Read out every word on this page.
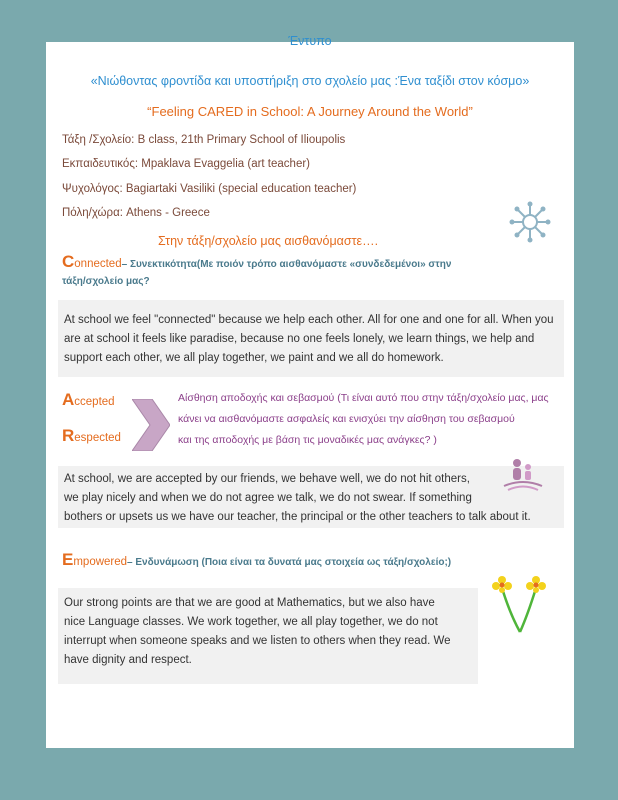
Έντυπο
«Νιώθοντας φροντίδα και υποστήριξη στο σχολείο μας :Ένα ταξίδι στον κόσμο»
“Feeling CARED in School: A Journey Around the World”
Τάξη /Σχολείο: B class, 21th Primary School of Ilioupolis
Εκπαιδευτικός: Mpaklava Evaggelia (art teacher)
Ψυχολόγος: Bagiartaki Vasiliki (special education teacher)
Πόλη/χώρα: Athens - Greece
Στην τάξη/σχολείο μας αισθανόμαστε….
Connected– Συνεκτικότητα(Με ποιόν τρόπο αισθανόμαστε «συνδεδεμένοι» στην
τάξη/σχολείο μας?
At school we feel "connected" because we help each other. All for one and one for all. When you
are at school it feels like paradise, because no one feels lonely, we learn things, we help and
support each other, we all play together, we paint and we all do homework.
Accepted
Respected
Αίσθηση αποδοχής και σεβασμού (Τι είναι αυτό που στην τάξη/σχολείο μας, μας
κάνει να αισθανόμαστε ασφαλείς και ενισχύει την αίσθηση του σεβασμού
και της αποδοχής με βάση τις μοναδικές μας ανάγκες? )
At school, we are accepted by our friends, we behave well, we do not hit others,
we play nicely and when we do not agree we talk, we do not swear. If something
bothers or upsets us we have our teacher, the principal or the other teachers to talk about it.
Empowered– Ενδυνάμωση (Ποια είναι τα δυνατά μας στοιχεία ως τάξη/σχολείο;)
Our strong points are that we are good at Mathematics, but we also have
nice Language classes. We work together, we all play together, we do not
interrupt when someone speaks and we listen to others when they read. We
have dignity and respect.
